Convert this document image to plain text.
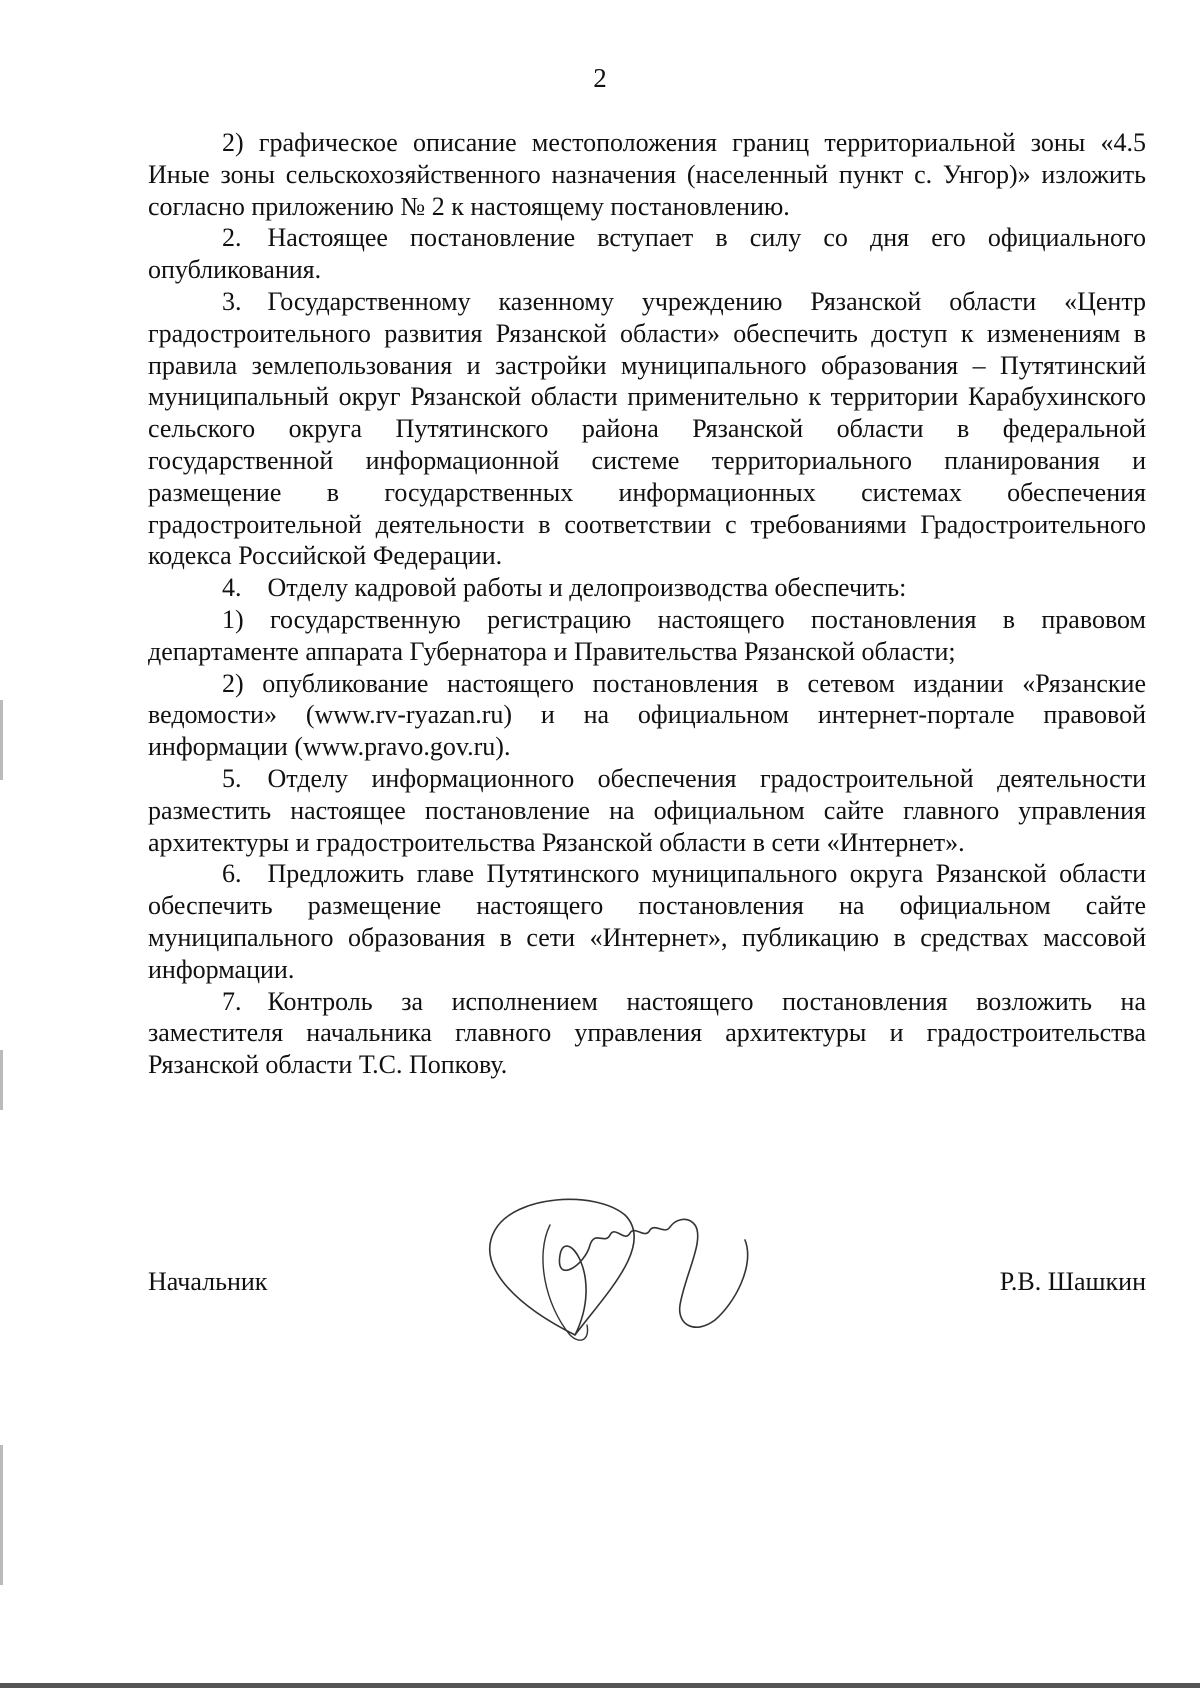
2

2) графическое описание местоположения границ территориальной зоны «4.5 Иные зоны сельскохозяйственного назначения (населенный пункт с. Унгор)» изложить согласно приложению № 2 к настоящему постановлению.

2. Настоящее постановление вступает в силу со дня его официального опубликования.

3. Государственному казенному учреждению Рязанской области «Центр градостроительного развития Рязанской области» обеспечить доступ к изменениям в правила землепользования и застройки муниципального образования – Путятинский муниципальный округ Рязанской области применительно к территории Карабухинского сельского округа Путятинского района Рязанской области в федеральной государственной информационной системе территориального планирования и размещение в государственных информационных системах обеспечения градостроительной деятельности в соответствии с требованиями Градостроительного кодекса Российской Федерации.

4. Отделу кадровой работы и делопроизводства обеспечить:

1) государственную регистрацию настоящего постановления в правовом департаменте аппарата Губернатора и Правительства Рязанской области;

2) опубликование настоящего постановления в сетевом издании «Рязанские ведомости» (www.rv-ryazan.ru) и на официальном интернет-портале правовой информации (www.pravo.gov.ru).

5. Отделу информационного обеспечения градостроительной деятельности разместить настоящее постановление на официальном сайте главного управления архитектуры и градостроительства Рязанской области в сети «Интернет».

6. Предложить главе Путятинского муниципального округа Рязанской области обеспечить размещение настоящего постановления на официальном сайте муниципального образования в сети «Интернет», публикацию в средствах массовой информации.

7. Контроль за исполнением настоящего постановления возложить на заместителя начальника главного управления архитектуры и градостроительства Рязанской области Т.С. Попкову.

Начальник	Р.В. Шашкин
